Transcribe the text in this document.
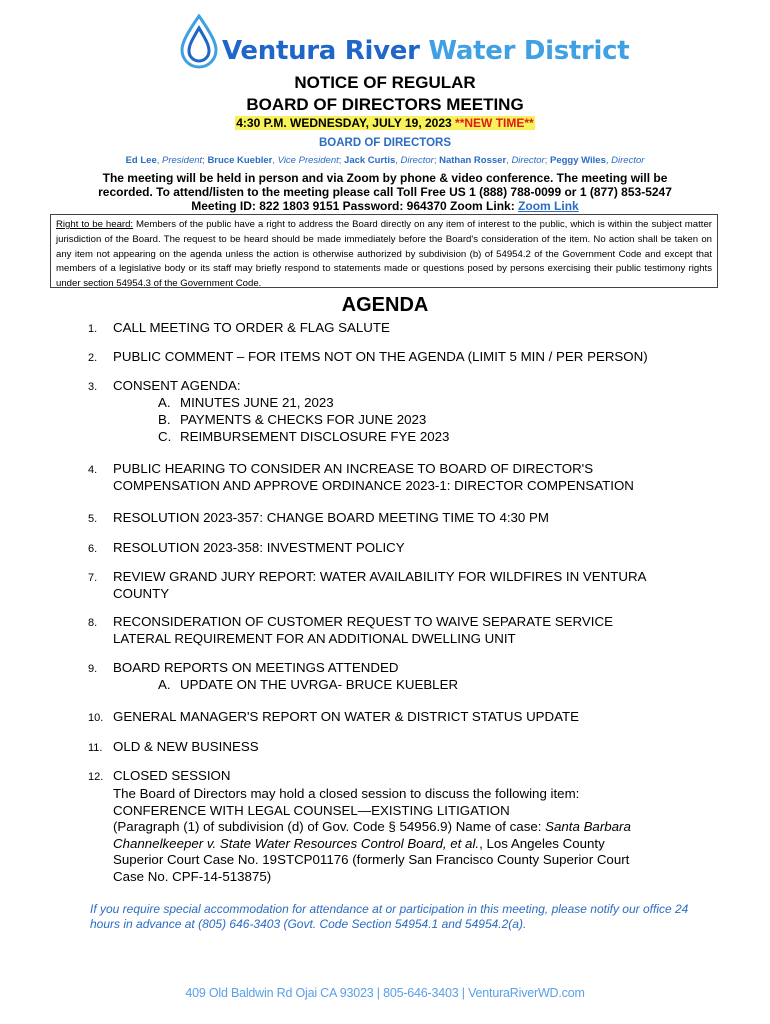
Ventura River Water District
NOTICE OF REGULAR
BOARD OF DIRECTORS MEETING
4:30 P.M. WEDNESDAY, JULY 19, 2023 **NEW TIME**
BOARD OF DIRECTORS
Ed Lee, President; Bruce Kuebler, Vice President; Jack Curtis, Director; Nathan Rosser, Director; Peggy Wiles, Director
The meeting will be held in person and via Zoom by phone & video conference. The meeting will be
recorded. To attend/listen to the meeting please call Toll Free US 1 (888) 788-0099 or 1 (877) 853-5247
Meeting ID: 822 1803 9151 Password: 964370 Zoom Link: Zoom Link
Right to be heard: Members of the public have a right to address the Board directly on any item of interest to the public, which is within the subject matter jurisdiction of the Board. The request to be heard should be made immediately before the Board's consideration of the item. No action shall be taken on any item not appearing on the agenda unless the action is otherwise authorized by subdivision (b) of 54954.2 of the Government Code and except that members of a legislative body or its staff may briefly respond to statements made or questions posed by persons exercising their public testimony rights under section 54954.3 of the Government Code.
AGENDA
1. CALL MEETING TO ORDER & FLAG SALUTE
2. PUBLIC COMMENT – FOR ITEMS NOT ON THE AGENDA (LIMIT 5 MIN / PER PERSON)
3. CONSENT AGENDA:
A. MINUTES JUNE 21, 2023
B. PAYMENTS & CHECKS FOR JUNE 2023
C. REIMBURSEMENT DISCLOSURE FYE 2023
4. PUBLIC HEARING TO CONSIDER AN INCREASE TO BOARD OF DIRECTOR'S
COMPENSATION AND APPROVE ORDINANCE 2023-1: DIRECTOR COMPENSATION
5. RESOLUTION 2023-357: CHANGE BOARD MEETING TIME TO 4:30 PM
6. RESOLUTION 2023-358: INVESTMENT POLICY
7. REVIEW GRAND JURY REPORT: WATER AVAILABILITY FOR WILDFIRES IN VENTURA
COUNTY
8. RECONSIDERATION OF CUSTOMER REQUEST TO WAIVE SEPARATE SERVICE
LATERAL REQUIREMENT FOR AN ADDITIONAL DWELLING UNIT
9. BOARD REPORTS ON MEETINGS ATTENDED
A. UPDATE ON THE UVRGA- BRUCE KUEBLER
10. GENERAL MANAGER'S REPORT ON WATER & DISTRICT STATUS UPDATE
11. OLD & NEW BUSINESS
12. CLOSED SESSION
The Board of Directors may hold a closed session to discuss the following item:
CONFERENCE WITH LEGAL COUNSEL—EXISTING LITIGATION
(Paragraph (1) of subdivision (d) of Gov. Code § 54956.9) Name of case: Santa Barbara
Channelkeeper v. State Water Resources Control Board, et al., Los Angeles County
Superior Court Case No. 19STCP01176 (formerly San Francisco County Superior Court
Case No. CPF-14-513875)
If you require special accommodation for attendance at or participation in this meeting, please notify our office 24 hours in advance at (805) 646-3403 (Govt. Code Section 54954.1 and 54954.2(a).
409 Old Baldwin Rd Ojai CA 93023 | 805-646-3403 | VenturaRiverWD.com
